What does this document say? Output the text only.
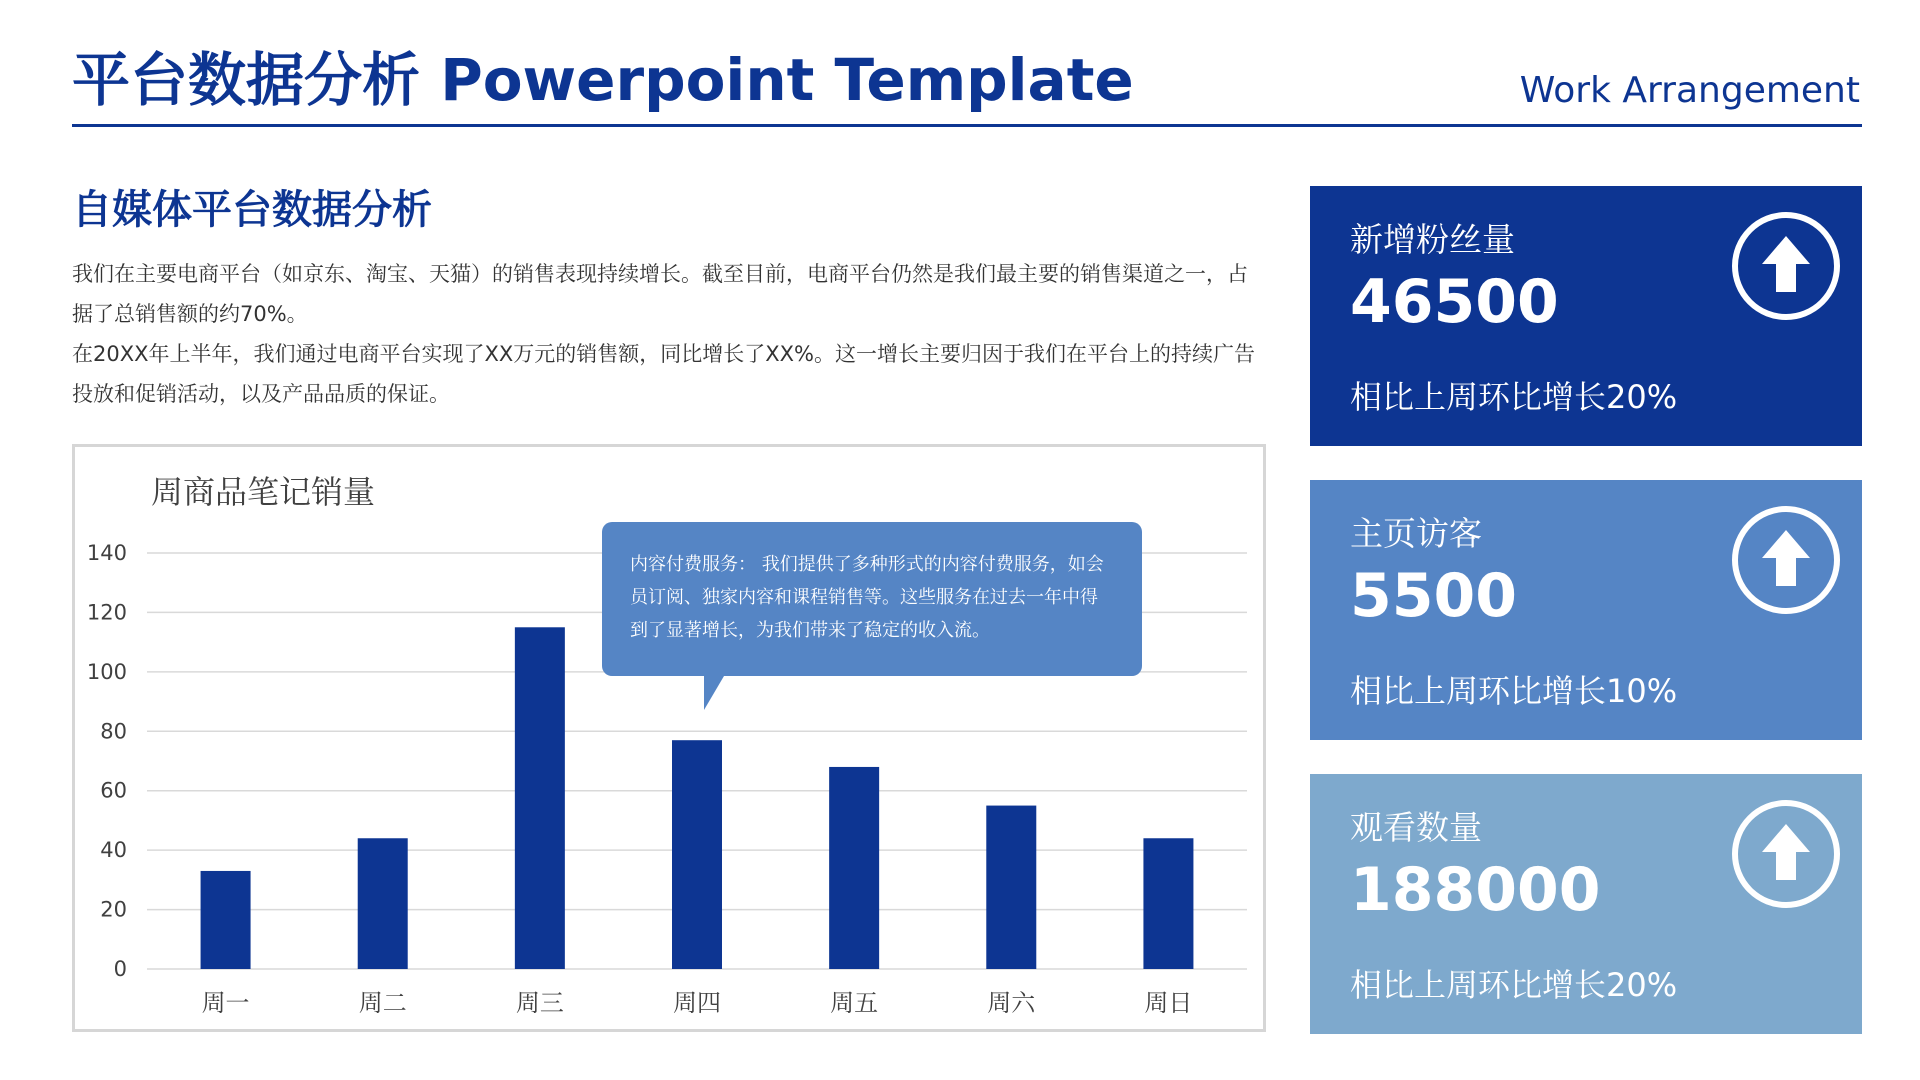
平台数据分析 Powerpoint Template	Work Arrangement
自媒体平台数据分析

我们在主要电商平台（如京东、淘宝、天猫）的销售表现持续增长。截至目前，电商平台仍然是我们最主要的销售渠道之一，占据了总销售额的约70%。

在20XX年上半年，我们通过电商平台实现了XX万元的销售额，同比增长了XX%。这一增长主要归因于我们在平台上的持续广告投放和促销活动，以及产品品质的保证。

周商品笔记销量
0
20
40
60
80
100
120
140
周一	周二	周三	周四	周五	周六	周日
内容付费服务： 我们提供了多种形式的内容付费服务，如会员订阅、独家内容和课程销售等。这些服务在过去一年中得到了显著增长，为我们带来了稳定的收入流。
新增粉丝量
46500
相比上周环比增长20%
主页访客
5500
相比上周环比增长10%
观看数量
188000
相比上周环比增长20%
